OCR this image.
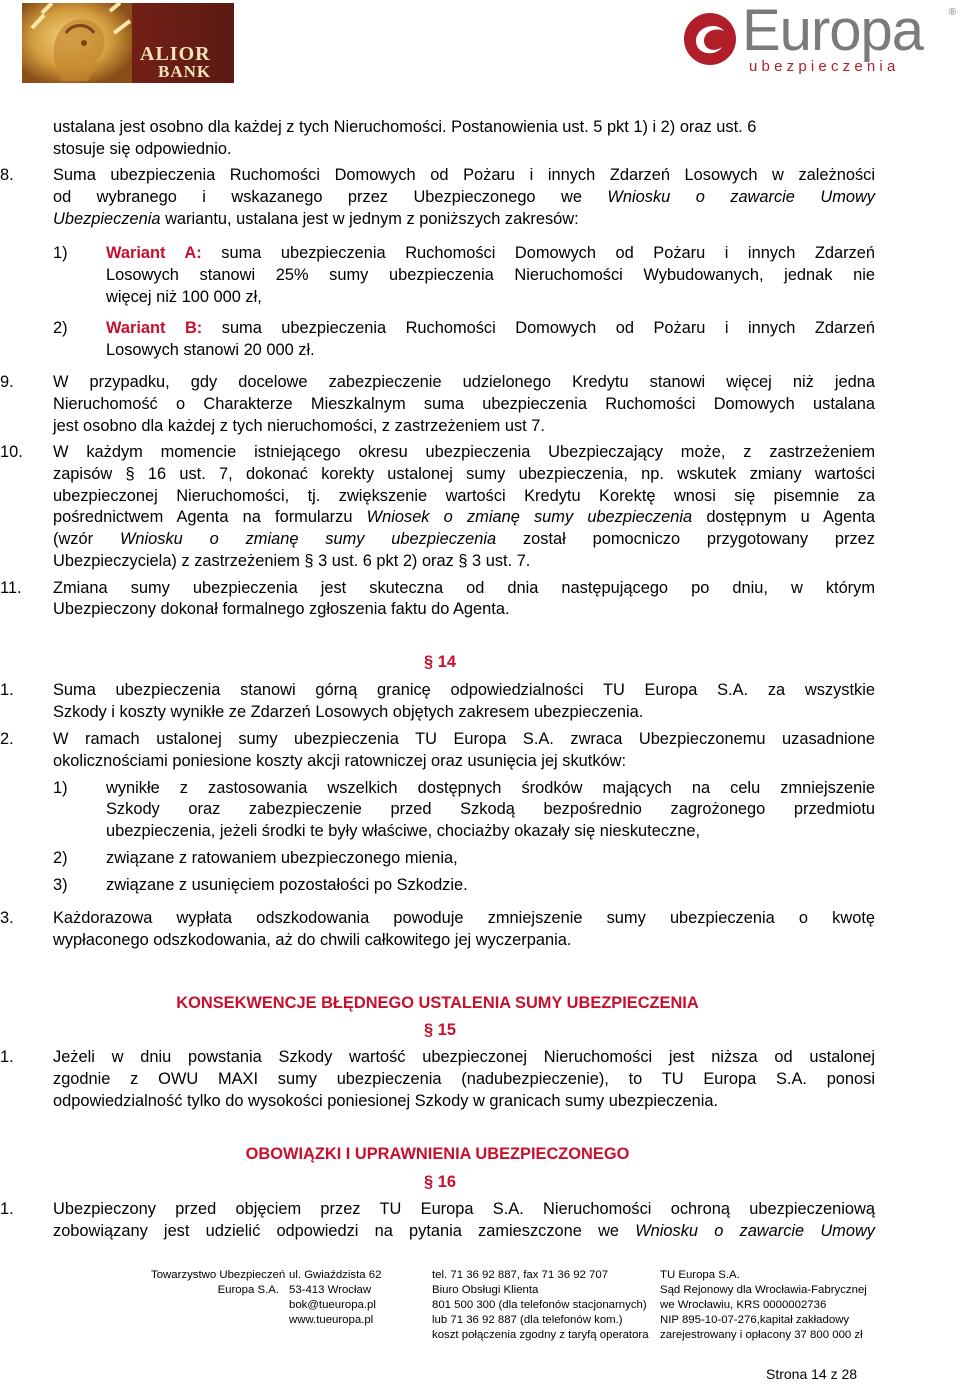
ALIOR
BANK
Europa	®
ubezpieczenia
ustalana jest osobno dla każdej z tych Nieruchomości. Postanowienia ust. 5 pkt 1) i 2) oraz ust. 6
stosuje się odpowiednio.
8. Suma ubezpieczenia Ruchomości Domowych od Pożaru i innych Zdarzeń Losowych w zależności
od wybranego i wskazanego przez Ubezpieczonego we Wniosku o zawarcie Umowy
Ubezpieczenia wariantu, ustalana jest w jednym z poniższych zakresów:
1) Wariant A: suma ubezpieczenia Ruchomości Domowych od Pożaru i innych Zdarzeń
Losowych stanowi 25% sumy ubezpieczenia Nieruchomości Wybudowanych, jednak nie
więcej niż 100 000 zł,
2) Wariant B: suma ubezpieczenia Ruchomości Domowych od Pożaru i innych Zdarzeń
Losowych stanowi 20 000 zł.
9. W przypadku, gdy docelowe zabezpieczenie udzielonego Kredytu stanowi więcej niż jedna
Nieruchomość o Charakterze Mieszkalnym suma ubezpieczenia Ruchomości Domowych ustalana
jest osobno dla każdej z tych nieruchomości, z zastrzeżeniem ust 7.
10. W każdym momencie istniejącego okresu ubezpieczenia Ubezpieczający może, z zastrzeżeniem
zapisów § 16 ust. 7, dokonać korekty ustalonej sumy ubezpieczenia, np. wskutek zmiany wartości
ubezpieczonej Nieruchomości, tj. zwiększenie wartości Kredytu Korektę wnosi się pisemnie za
pośrednictwem Agenta na formularzu Wniosek o zmianę sumy ubezpieczenia dostępnym u Agenta
(wzór Wniosku o zmianę sumy ubezpieczenia został pomocniczo przygotowany przez
Ubezpieczyciela) z zastrzeżeniem § 3 ust. 6 pkt 2) oraz § 3 ust. 7.
11. Zmiana sumy ubezpieczenia jest skuteczna od dnia następującego po dniu, w którym
Ubezpieczony dokonał formalnego zgłoszenia faktu do Agenta.
§ 14
1. Suma ubezpieczenia stanowi górną granicę odpowiedzialności TU Europa S.A. za wszystkie
Szkody i koszty wynikłe ze Zdarzeń Losowych objętych zakresem ubezpieczenia.
2. W ramach ustalonej sumy ubezpieczenia TU Europa S.A. zwraca Ubezpieczonemu uzasadnione
okolicznościami poniesione koszty akcji ratowniczej oraz usunięcia jej skutków:
1) wynikłe z zastosowania wszelkich dostępnych środków mających na celu zmniejszenie
Szkody oraz zabezpieczenie przed Szkodą bezpośrednio zagrożonego przedmiotu
ubezpieczenia, jeżeli środki te były właściwe, chociażby okazały się nieskuteczne,
2) związane z ratowaniem ubezpieczonego mienia,
3) związane z usunięciem pozostałości po Szkodzie.
3. Każdorazowa wypłata odszkodowania powoduje zmniejszenie sumy ubezpieczenia o kwotę
wypłaconego odszkodowania, aż do chwili całkowitego jej wyczerpania.
KONSEKWENCJE BŁĘDNEGO USTALENIA SUMY UBEZPIECZENIA
§ 15
1. Jeżeli w dniu powstania Szkody wartość ubezpieczonej Nieruchomości jest niższa od ustalonej
zgodnie z OWU MAXI sumy ubezpieczenia (nadubezpieczenie), to TU Europa S.A. ponosi
odpowiedzialność tylko do wysokości poniesionej Szkody w granicach sumy ubezpieczenia.
OBOWIĄZKI I UPRAWNIENIA UBEZPIECZONEGO
§ 16
1. Ubezpieczony przed objęciem przez TU Europa S.A. Nieruchomości ochroną ubezpieczeniową
zobowiązany jest udzielić odpowiedzi na pytania zamieszczone we Wniosku o zawarcie Umowy
Towarzystwo Ubezpieczeń
Europa S.A.
ul. Gwiaździsta 62
53-413 Wrocław
bok@tueuropa.pl
www.tueuropa.pl
tel. 71 36 92 887, fax 71 36 92 707
Biuro Obsługi Klienta
801 500 300 (dla telefonów stacjonarnych)
lub 71 36 92 887 (dla telefonów kom.)
koszt połączenia zgodny z taryfą operatora
TU Europa S.A.
Sąd Rejonowy dla Wrocławia-Fabrycznej
we Wrocławiu, KRS 0000002736
NIP 895-10-07-276,kapitał zakładowy
zarejestrowany i opłacony 37 800 000 zł
Strona 14 z 28
